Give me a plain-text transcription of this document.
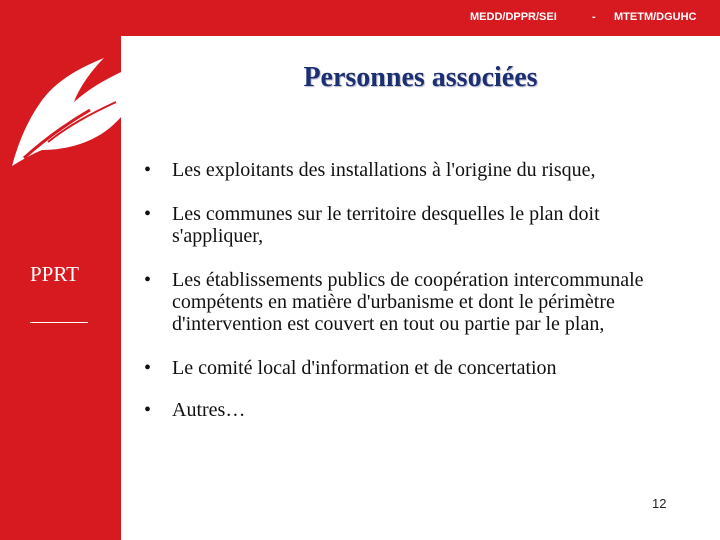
MEDD/DPPR/SEI	- MTETM/DGUHC
PPRT
Personnes associées
• Les exploitants des installations à l'origine du risque,
• Les communes sur le territoire desquelles le plan doit s'appliquer,
• Les établissements publics de coopération intercommunale compétents en matière d'urbanisme et dont le périmètre d'intervention est couvert en tout ou partie par le plan,
• Le comité local d'information et de concertation
• Autres…
12
